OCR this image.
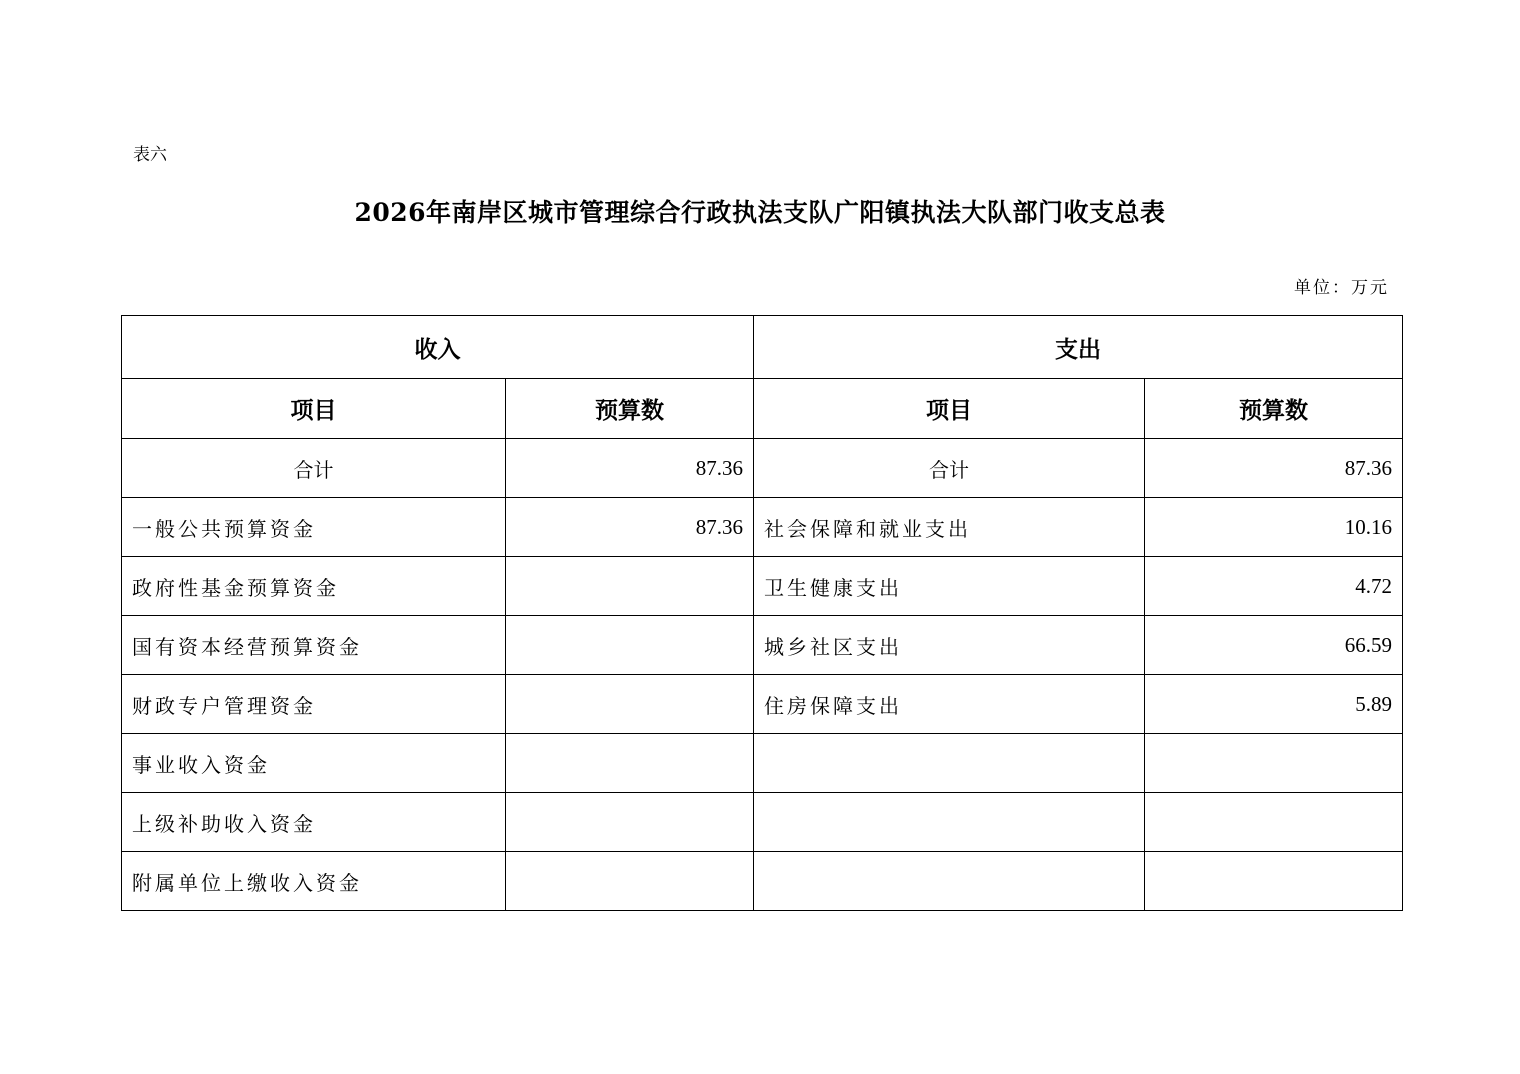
表六
2026年南岸区城市管理综合行政执法支队广阳镇执法大队部门收支总表
单位：万元
收入		支出	
项目	预算数	项目	预算数
合计	87.36	合计	87.36
一般公共预算资金	87.36	社会保障和就业支出	10.16
政府性基金预算资金		卫生健康支出	4.72
国有资本经营预算资金		城乡社区支出	66.59
财政专户管理资金		住房保障支出	5.89
事业收入资金			
上级补助收入资金			
附属单位上缴收入资金			
